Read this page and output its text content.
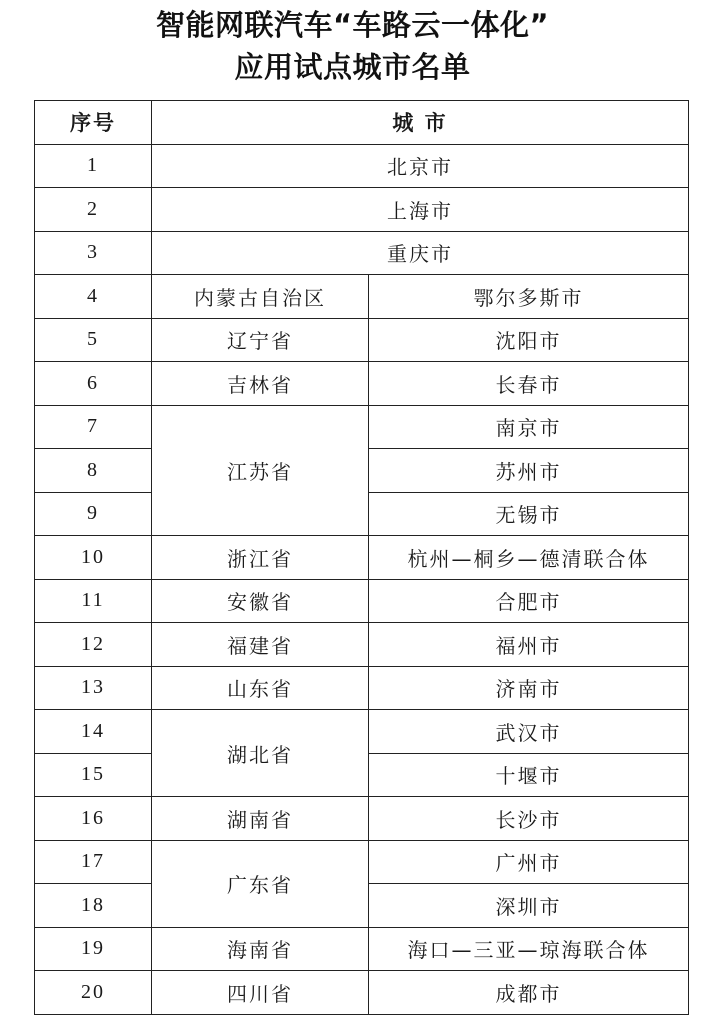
智能网联汽车“车路云一体化”
应用试点城市名单
序号	城 市	
1	北京市	
2	上海市	
3	重庆市	
4	内蒙古自治区	鄂尔多斯市
5	辽宁省	沈阳市
6	吉林省	长春市
7	江苏省	南京市
8		苏州市
9		无锡市
10	浙江省	杭州—桐乡—德清联合体
11	安徽省	合肥市
12	福建省	福州市
13	山东省	济南市
14	湖北省	武汉市
15		十堰市
16	湖南省	长沙市
17	广东省	广州市
18		深圳市
19	海南省	海口—三亚—琼海联合体
20	四川省	成都市
